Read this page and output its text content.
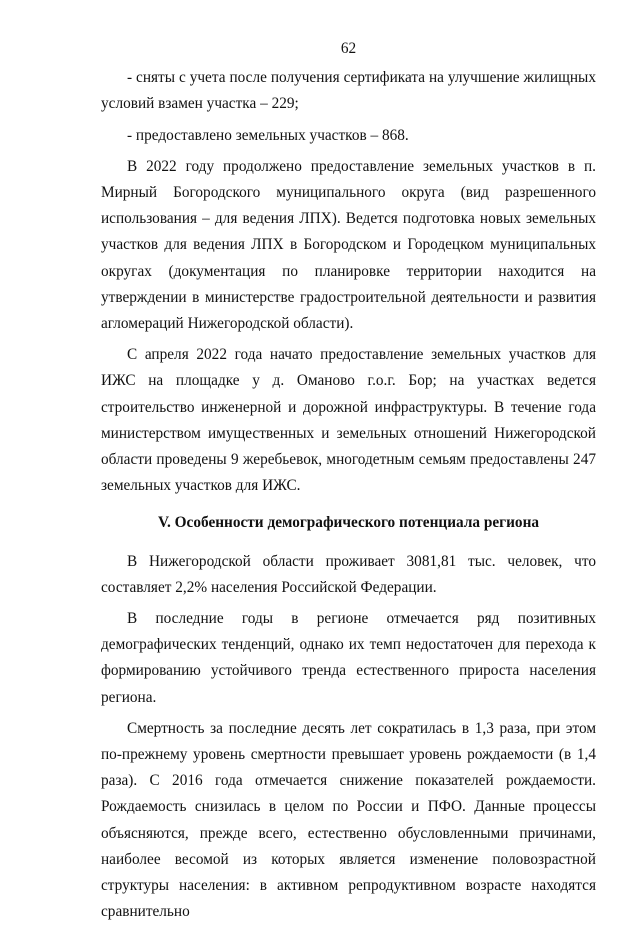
62

- сняты с учета после получения сертификата на улучшение жилищных условий взамен участка – 229;

- предоставлено земельных участков – 868.

В 2022 году продолжено предоставление земельных участков в п. Мирный Богородского муниципального округа (вид разрешенного использования – для ведения ЛПХ). Ведется подготовка новых земельных участков для ведения ЛПХ в Богородском и Городецком муниципальных округах (документация по планировке территории находится на утверждении в министерстве градостроительной деятельности и развития агломераций Нижегородской области).

С апреля 2022 года начато предоставление земельных участков для ИЖС на площадке у д. Оманово г.о.г. Бор; на участках ведется строительство инженерной и дорожной инфраструктуры. В течение года министерством имущественных и земельных отношений Нижегородской области проведены 9 жеребьевок, многодетным семьям предоставлены 247 земельных участков для ИЖС.

V. Особенности демографического потенциала региона

В Нижегородской области проживает 3081,81 тыс. человек, что составляет 2,2% населения Российской Федерации.

В последние годы в регионе отмечается ряд позитивных демографических тенденций, однако их темп недостаточен для перехода к формированию устойчивого тренда естественного прироста населения региона.

Смертность за последние десять лет сократилась в 1,3 раза, при этом по-прежнему уровень смертности превышает уровень рождаемости (в 1,4 раза). С 2016 года отмечается снижение показателей рождаемости. Рождаемость снизилась в целом по России и ПФО. Данные процессы объясняются, прежде всего, естественно обусловленными причинами, наиболее весомой из которых является изменение половозрастной структуры населения: в активном репродуктивном возрасте находятся сравнительно
